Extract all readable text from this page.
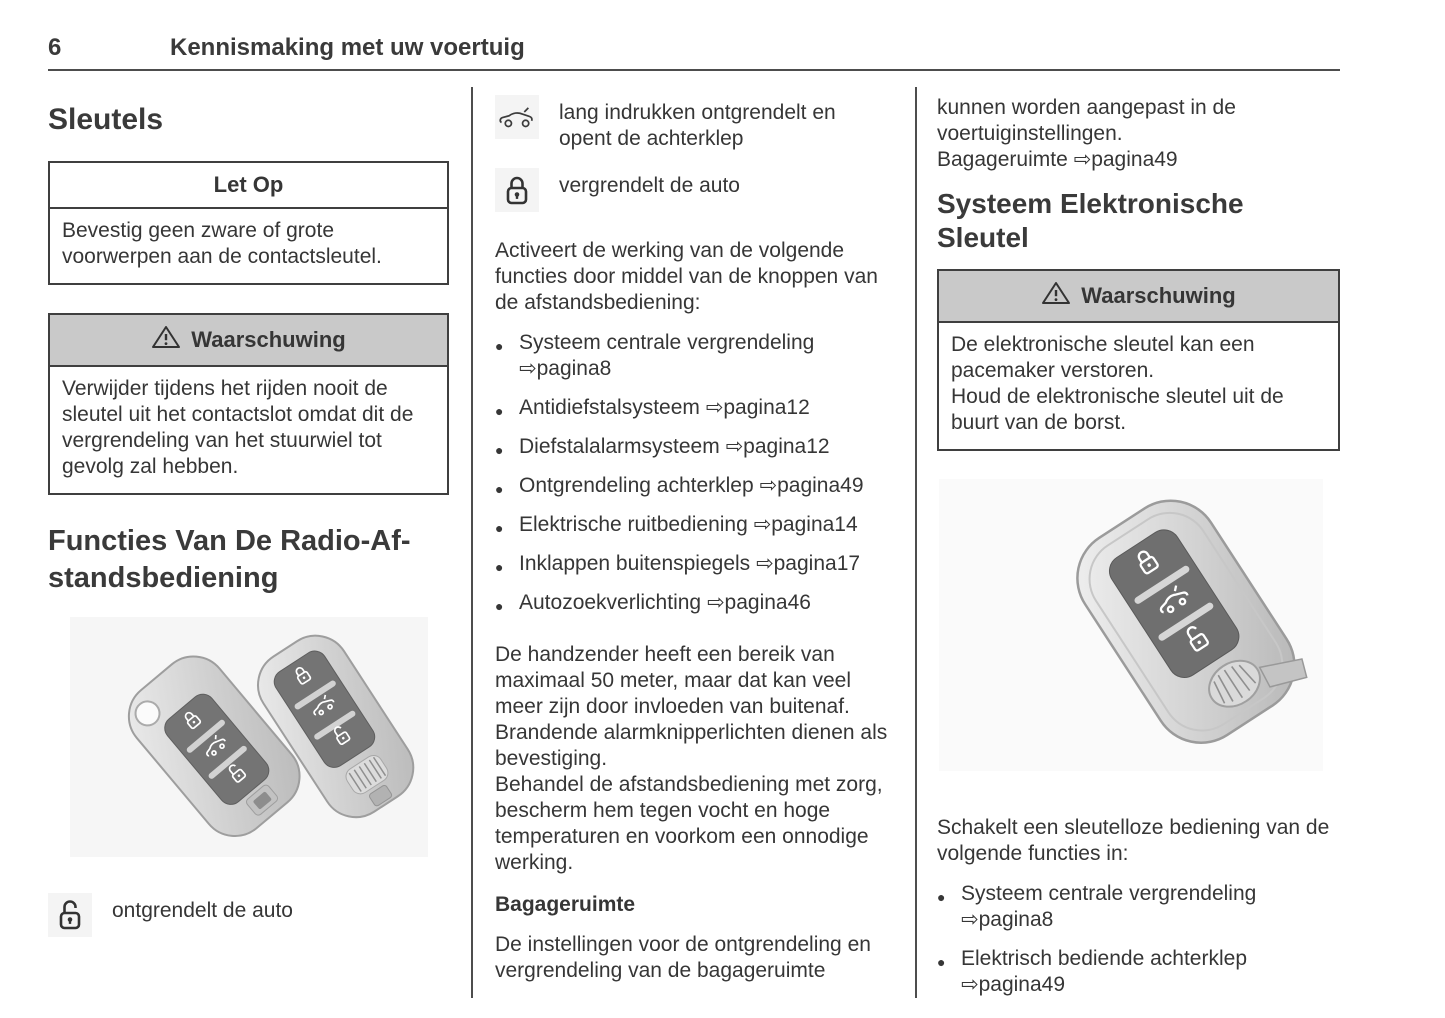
6	Kennismaking met uw voertuig
Sleutels
Let Op
Bevestig geen zware of grote voorwerpen aan de contactsleutel.
Waarschuwing
Verwijder tijdens het rijden nooit de sleutel uit het contactslot omdat dit de vergrendeling van het stuurwiel tot gevolg zal hebben.
Functies Van De Radio-Af-
standsbediening
ontgrendelt de auto
lang indrukken ontgrendelt en opent de achterklep
vergrendelt de auto

Activeert de werking van de volgende functies door middel van de knoppen van de afstandsbediening:

● Systeem centrale vergrendeling
⇨pagina8
● Antidiefstalsysteem ⇨pagina12
● Diefstalalarmsysteem ⇨pagina12
● Ontgrendeling achterklep ⇨pagina49
● Elektrische ruitbediening ⇨pagina14
● Inklappen buitenspiegels ⇨pagina17
● Autozoekverlichting ⇨pagina46

De handzender heeft een bereik van maximaal 50 meter, maar dat kan veel meer zijn door invloeden van buitenaf. Brandende alarmknipperlichten dienen als bevestiging.

Behandel de afstandsbediening met zorg, bescherm hem tegen vocht en hoge temperaturen en voorkom een onnodige werking.

Bagageruimte

De instellingen voor de ontgrendeling en vergrendeling van de bagageruimte

kunnen worden aangepast in de voertuiginstellingen.

Bagageruimte ⇨pagina49

Systeem Elektronische Sleutel
Waarschuwing
De elektronische sleutel kan een pacemaker verstoren.
Houd de elektronische sleutel uit de buurt van de borst.

Schakelt een sleutelloze bediening van de volgende functies in:

● Systeem centrale vergrendeling
⇨pagina8
● Elektrisch bediende achterklep
⇨pagina49
